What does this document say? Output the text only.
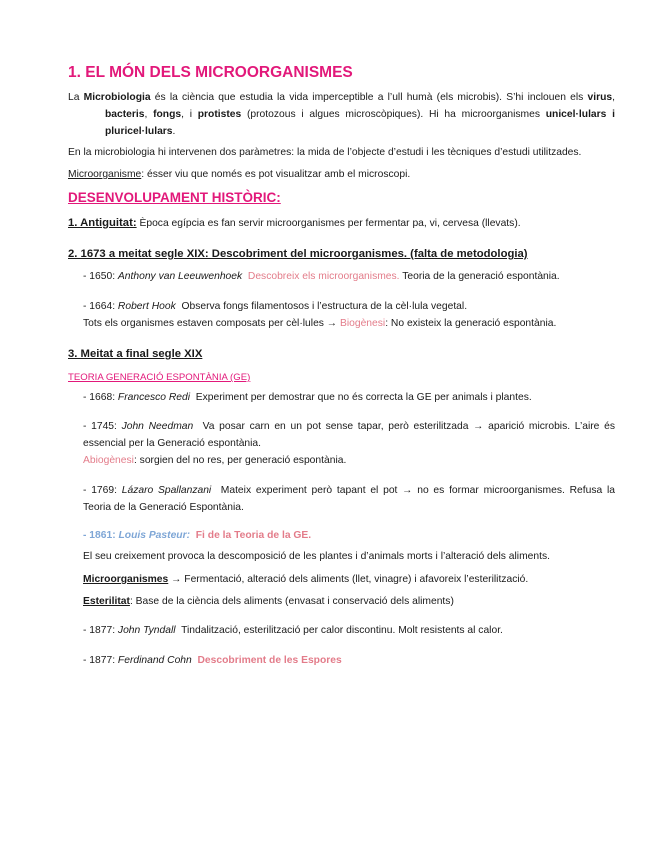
1. EL MÓN DELS MICROORGANISMES

La Microbiologia és la ciència que estudia la vida imperceptible a l’ull humà (els microbis). S’hi inclouen els virus,

bacteris, fongs, i protistes (protozous i algues microscòpiques). Hi ha microorganismes unicel·lulars i

pluricel·lulars.

En la microbiologia hi intervenen dos paràmetres: la mida de l’objecte d’estudi i les tècniques d’estudi utilitzades.

Microorganisme: ésser viu que només es pot visualitzar amb el microscopi.

DESENVOLUPAMENT HISTÒRIC:

1. Antiguitat: Època egípcia es fan servir microorganismes per fermentar pa, vi, cervesa (llevats).

2. 1673 a meitat segle XIX: Descobriment del microorganismes. (falta de metodologia)

- 1650: Anthony van Leeuwenhoek Descobreix els microorganismes. Teoria de la generació espontània.

- 1664: Robert Hook Observa fongs filamentosos i l’estructura de la cèl·lula vegetal.

Tots els organismes estaven composats per cèl·lules → Biogènesi: No existeix la generació espontània.

3. Meitat a final segle XIX

TEORIA GENERACIÓ ESPONTÀNIA (GE)

- 1668: Francesco Redi Experiment per demostrar que no és correcta la GE per animals i plantes.

- 1745: John Needman Va posar carn en un pot sense tapar, però esterilitzada → aparició microbis. L’aire és

essencial per la Generació espontània.

Abiogènesi: sorgien del no res, per generació espontània.

- 1769: Lázaro Spallanzani Mateix experiment però tapant el pot → no es formar microorganismes. Refusa la

Teoria de la Generació Espontània.

- 1861: Louis Pasteur: Fi de la Teoria de la GE.

El seu creixement provoca la descomposició de les plantes i d’animals morts i l’alteració dels aliments.

Microorganismes → Fermentació, alteració dels aliments (llet, vinagre) i afavoreix l’esterilització.

Esterilitat: Base de la ciència dels aliments (envasat i conservació dels aliments)

- 1877: John Tyndall Tindalització, esterilització per calor discontinu. Molt resistents al calor.

- 1877: Ferdinand Cohn Descobriment de les Espores
